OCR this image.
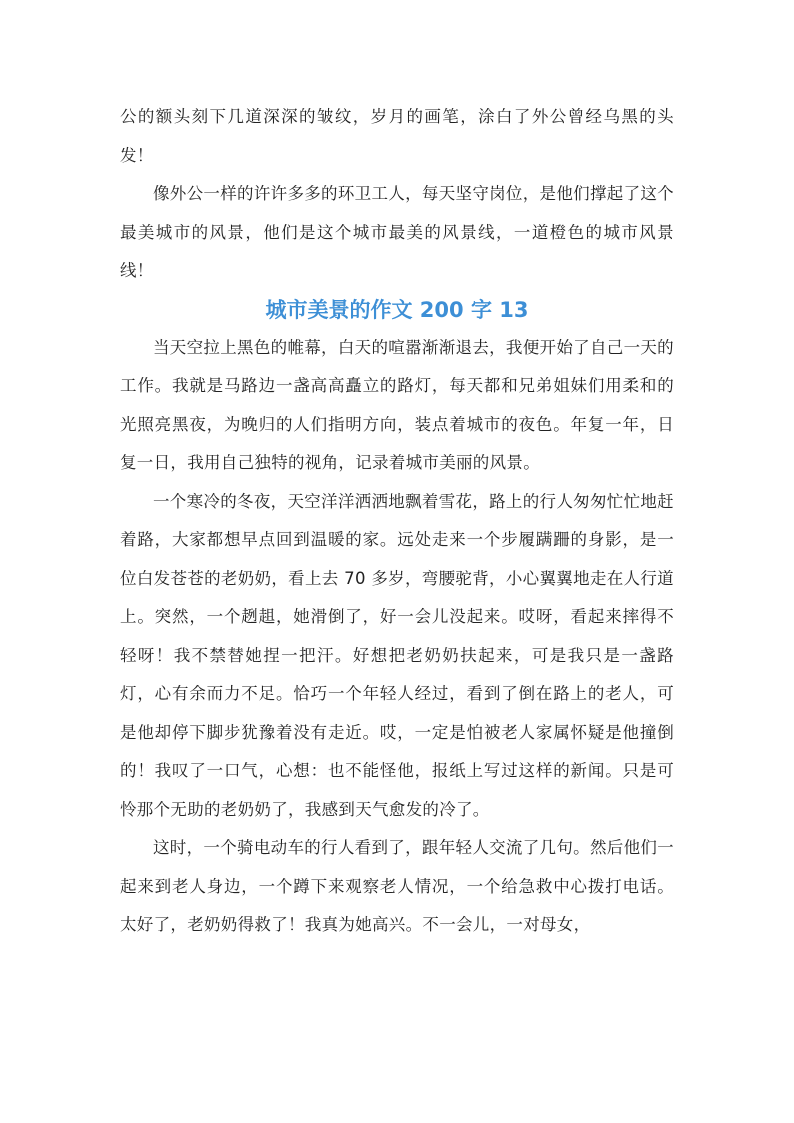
公的额头刻下几道深深的皱纹，岁月的画笔，涂白了外公曾经乌黑的头发！

像外公一样的许许多多的环卫工人，每天坚守岗位，是他们撑起了这个最美城市的风景，他们是这个城市最美的风景线，一道橙色的城市风景线！

城市美景的作文 200 字 13

当天空拉上黑色的帷幕，白天的喧嚣渐渐退去，我便开始了自己一天的工作。我就是马路边一盏高高矗立的路灯，每天都和兄弟姐妹们用柔和的光照亮黑夜，为晚归的人们指明方向，装点着城市的夜色。年复一年，日复一日，我用自己独特的视角，记录着城市美丽的风景。

一个寒冷的冬夜，天空洋洋洒洒地飘着雪花，路上的行人匆匆忙忙地赶着路，大家都想早点回到温暖的家。远处走来一个步履蹒跚的身影，是一位白发苍苍的老奶奶，看上去 70 多岁，弯腰驼背，小心翼翼地走在人行道上。突然，一个趔趄，她滑倒了，好一会儿没起来。哎呀，看起来摔得不轻呀！我不禁替她捏一把汗。好想把老奶奶扶起来，可是我只是一盏路灯，心有余而力不足。恰巧一个年轻人经过，看到了倒在路上的老人，可是他却停下脚步犹豫着没有走近。哎，一定是怕被老人家属怀疑是他撞倒的！我叹了一口气，心想：也不能怪他，报纸上写过这样的新闻。只是可怜那个无助的老奶奶了，我感到天气愈发的冷了。

这时，一个骑电动车的行人看到了，跟年轻人交流了几句。然后他们一起来到老人身边，一个蹲下来观察老人情况，一个给急救中心拨打电话。太好了，老奶奶得救了！我真为她高兴。不一会儿，一对母女，
